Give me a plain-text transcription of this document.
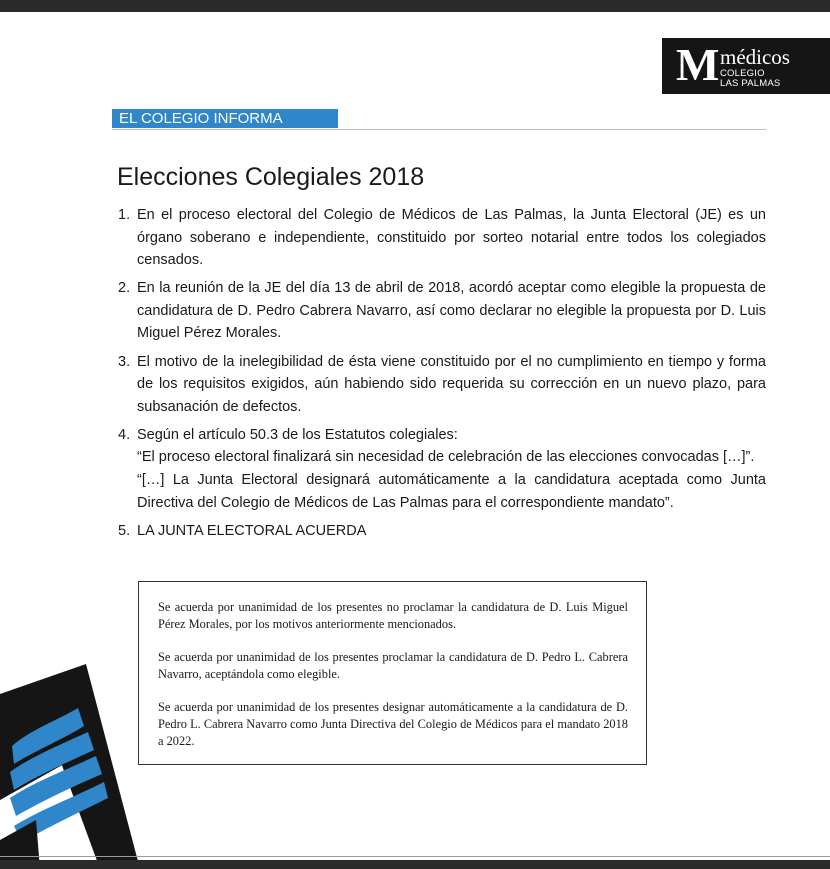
M médicos
COLEGIO
LAS PALMAS
EL COLEGIO INFORMA
Elecciones Colegiales 2018
1. En el proceso electoral del Colegio de Médicos de Las Palmas, la Junta Electoral (JE) es un órgano soberano e independiente, constituido por sorteo notarial entre todos los colegiados censados.

2. En la reunión de la JE del día 13 de abril de 2018, acordó aceptar como elegible la propuesta de candidatura de D. Pedro Cabrera Navarro, así como declarar no elegible la propuesta por D. Luis Miguel Pérez Morales.

3. El motivo de la inelegibilidad de ésta viene constituido por el no cumplimiento en tiempo y forma de los requisitos exigidos, aún habiendo sido requerida su corrección en un nuevo plazo, para subsanación de defectos.

4. Según el artículo 50.3 de los Estatutos colegiales:

“El proceso electoral finalizará sin necesidad de celebración de las elecciones convocadas […]”.

“[…] La Junta Electoral designará automáticamente a la candidatura aceptada como Junta Directiva del Colegio de Médicos de Las Palmas para el correspondiente mandato”.

5. LA JUNTA ELECTORAL ACUERDA

Se acuerda por unanimidad de los presentes no proclamar la candidatura de D. Luis Miguel Pérez Morales, por los motivos anteriormente mencionados.

Se acuerda por unanimidad de los presentes proclamar la candidatura de D. Pedro L. Cabrera Navarro, aceptándola como elegible.

Se acuerda por unanimidad de los presentes designar automáticamente a la candidatura de D. Pedro L. Cabrera Navarro como Junta Directiva del Colegio de Médicos para el mandato 2018 a 2022.
